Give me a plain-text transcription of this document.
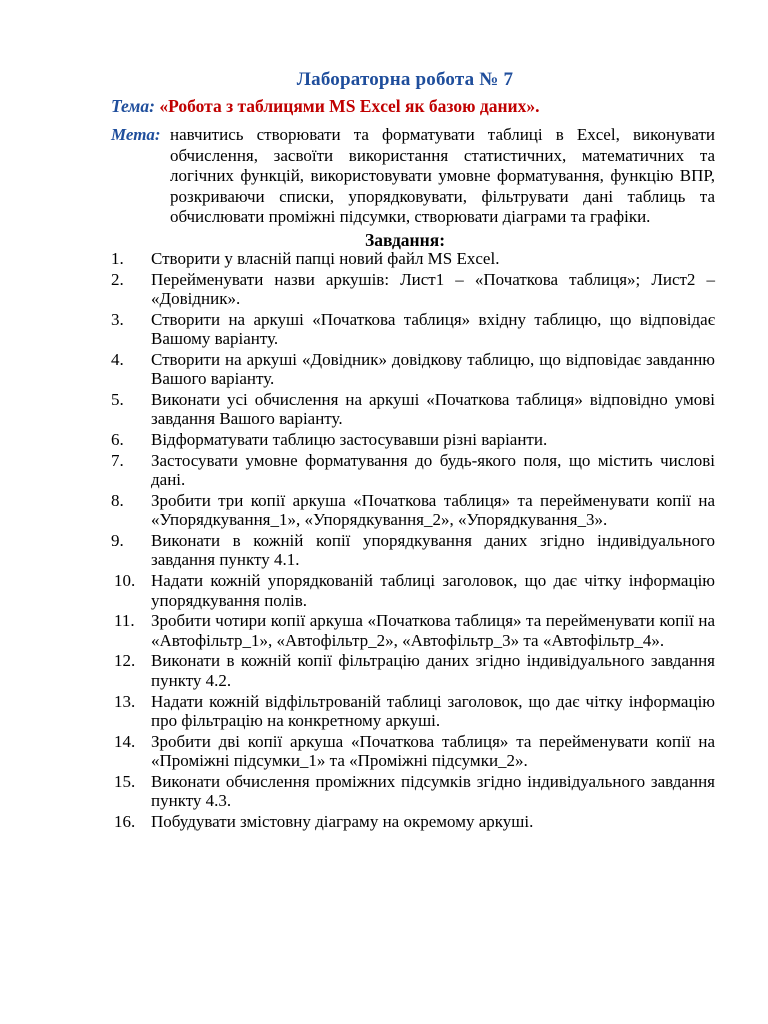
Лабораторна робота № 7
Тема: «Робота з таблицями MS Excel як базою даних».
Мета: навчитись створювати та форматувати таблиці в Excel, виконувати обчислення, засвоїти використання статистичних, математичних та логічних функцій, використовувати умовне форматування, функцію ВПР, розкриваючи списки, упорядковувати, фільтрувати дані таблиць та обчислювати проміжні підсумки, створювати діаграми та графіки.
Завдання:
1.	Створити у власній папці новий файл MS Excel.
2.	Перейменувати назви аркушів: Лист1 – «Початкова таблиця»; Лист2 – «Довідник».
3.	Створити на аркуші «Початкова таблиця» вхідну таблицю, що відповідає Вашому варіанту.
4.	Створити на аркуші «Довідник» довідкову таблицю, що відповідає завданню Вашого варіанту.
5.	Виконати усі обчислення на аркуші «Початкова таблиця» відповідно умові завдання Вашого варіанту.
6.	Відформатувати таблицю застосувавши різні варіанти.
7.	Застосувати умовне форматування до будь-якого поля, що містить числові дані.
8.	Зробити три копії аркуша «Початкова таблиця» та перейменувати копії на «Упорядкування_1», «Упорядкування_2», «Упорядкування_3».
9.	Виконати в кожній копії упорядкування даних згідно індивідуального завдання пункту 4.1.
10. Надати кожній упорядкованій таблиці заголовок, що дає чітку інформацію упорядкування полів.
11. Зробити чотири копії аркуша «Початкова таблиця» та перейменувати копії на «Автофільтр_1», «Автофільтр_2», «Автофільтр_3» та «Автофільтр_4».
12. Виконати в кожній копії фільтрацію даних згідно індивідуального завдання пункту 4.2.
13. Надати кожній відфільтрованій таблиці заголовок, що дає чітку інформацію про фільтрацію на конкретному аркуші.
14. Зробити дві копії аркуша «Початкова таблиця» та перейменувати копії на «Проміжні підсумки_1» та «Проміжні підсумки_2».
15. Виконати обчислення проміжних підсумків згідно індивідуального завдання пункту 4.3.
16. Побудувати змістовну діаграму на окремому аркуші.
